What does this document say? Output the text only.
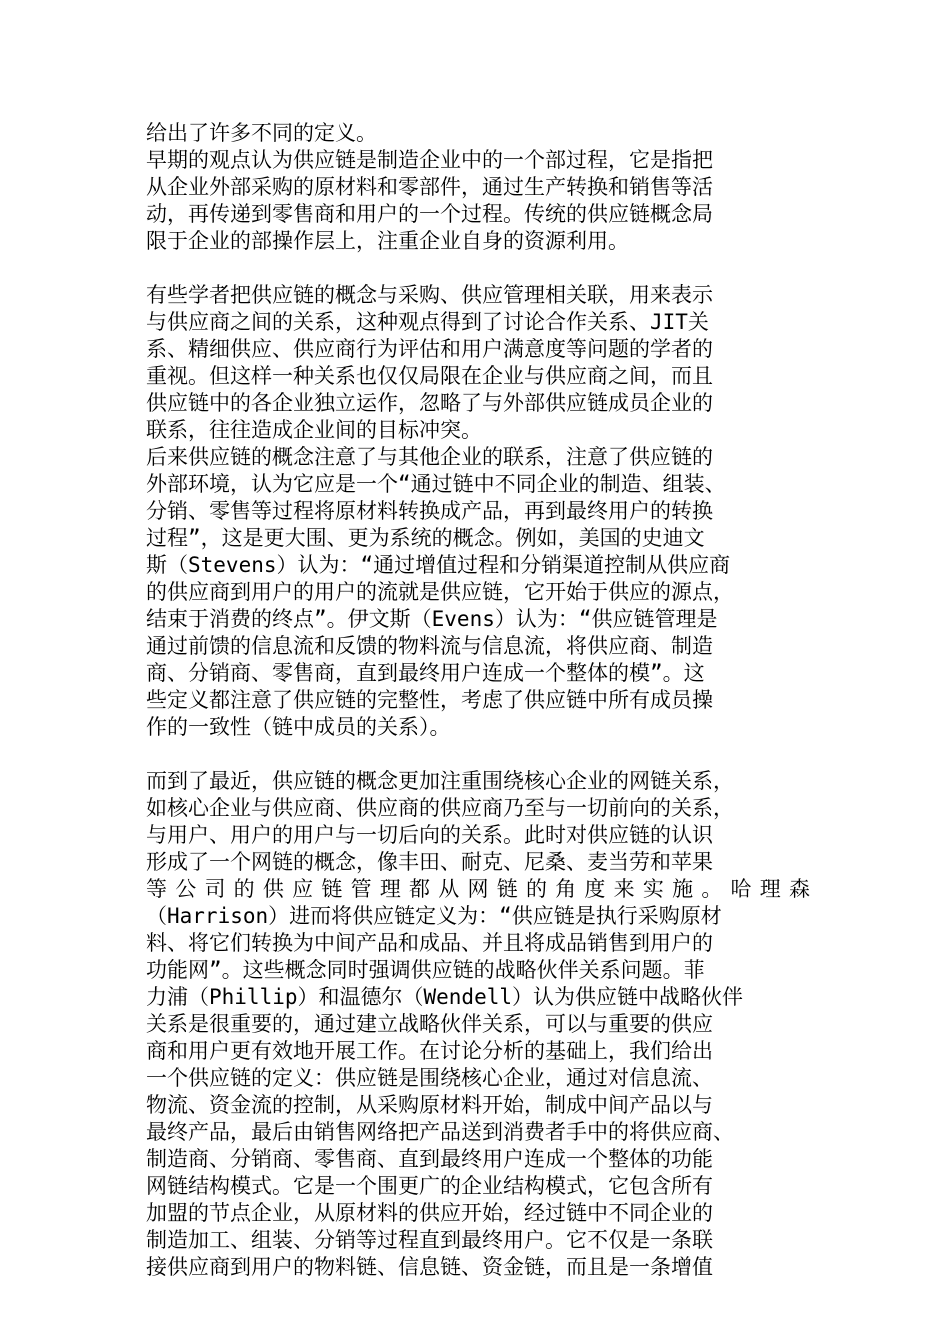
给出了许多不同的定义。
早期的观点认为供应链是制造企业中的一个部过程，它是指把
从企业外部采购的原材料和零部件，通过生产转换和销售等活
动，再传递到零售商和用户的一个过程。传统的供应链概念局
限于企业的部操作层上，注重企业自身的资源利用。
有些学者把供应链的概念与采购、供应管理相关联，用来表示
与供应商之间的关系，这种观点得到了讨论合作关系、JIT关
系、精细供应、供应商行为评估和用户满意度等问题的学者的
重视。但这样一种关系也仅仅局限在企业与供应商之间，而且
供应链中的各企业独立运作，忽略了与外部供应链成员企业的
联系，往往造成企业间的目标冲突。
后来供应链的概念注意了与其他企业的联系，注意了供应链的
外部环境，认为它应是一个“通过链中不同企业的制造、组装、
分销、零售等过程将原材料转换成产品，再到最终用户的转换
过程”，这是更大围、更为系统的概念。例如，美国的史迪文
斯（Stevens）认为：“通过增值过程和分销渠道控制从供应商
的供应商到用户的用户的流就是供应链，它开始于供应的源点，
结束于消费的终点”。伊文斯（Evens）认为：“供应链管理是
通过前馈的信息流和反馈的物料流与信息流，将供应商、制造
商、分销商、零售商，直到最终用户连成一个整体的模”。这
些定义都注意了供应链的完整性，考虑了供应链中所有成员操
作的一致性（链中成员的关系）。
而到了最近，供应链的概念更加注重围绕核心企业的网链关系，
如核心企业与供应商、供应商的供应商乃至与一切前向的关系，
与用户、用户的用户与一切后向的关系。此时对供应链的认识
形成了一个网链的概念，像丰田、耐克、尼桑、麦当劳和苹果
等公司的供应链管理都从网链的角度来实施。哈理森
（Harrison）进而将供应链定义为：“供应链是执行采购原材
料、将它们转换为中间产品和成品、并且将成品销售到用户的
功能网”。这些概念同时强调供应链的战略伙伴关系问题。菲
力浦（Phillip）和温德尔（Wendell）认为供应链中战略伙伴
关系是很重要的，通过建立战略伙伴关系，可以与重要的供应
商和用户更有效地开展工作。在讨论分析的基础上，我们给出
一个供应链的定义：供应链是围绕核心企业，通过对信息流、
物流、资金流的控制，从采购原材料开始，制成中间产品以与
最终产品，最后由销售网络把产品送到消费者手中的将供应商、
制造商、分销商、零售商、直到最终用户连成一个整体的功能
网链结构模式。它是一个围更广的企业结构模式，它包含所有
加盟的节点企业，从原材料的供应开始，经过链中不同企业的
制造加工、组装、分销等过程直到最终用户。它不仅是一条联
接供应商到用户的物料链、信息链、资金链，而且是一条增值
